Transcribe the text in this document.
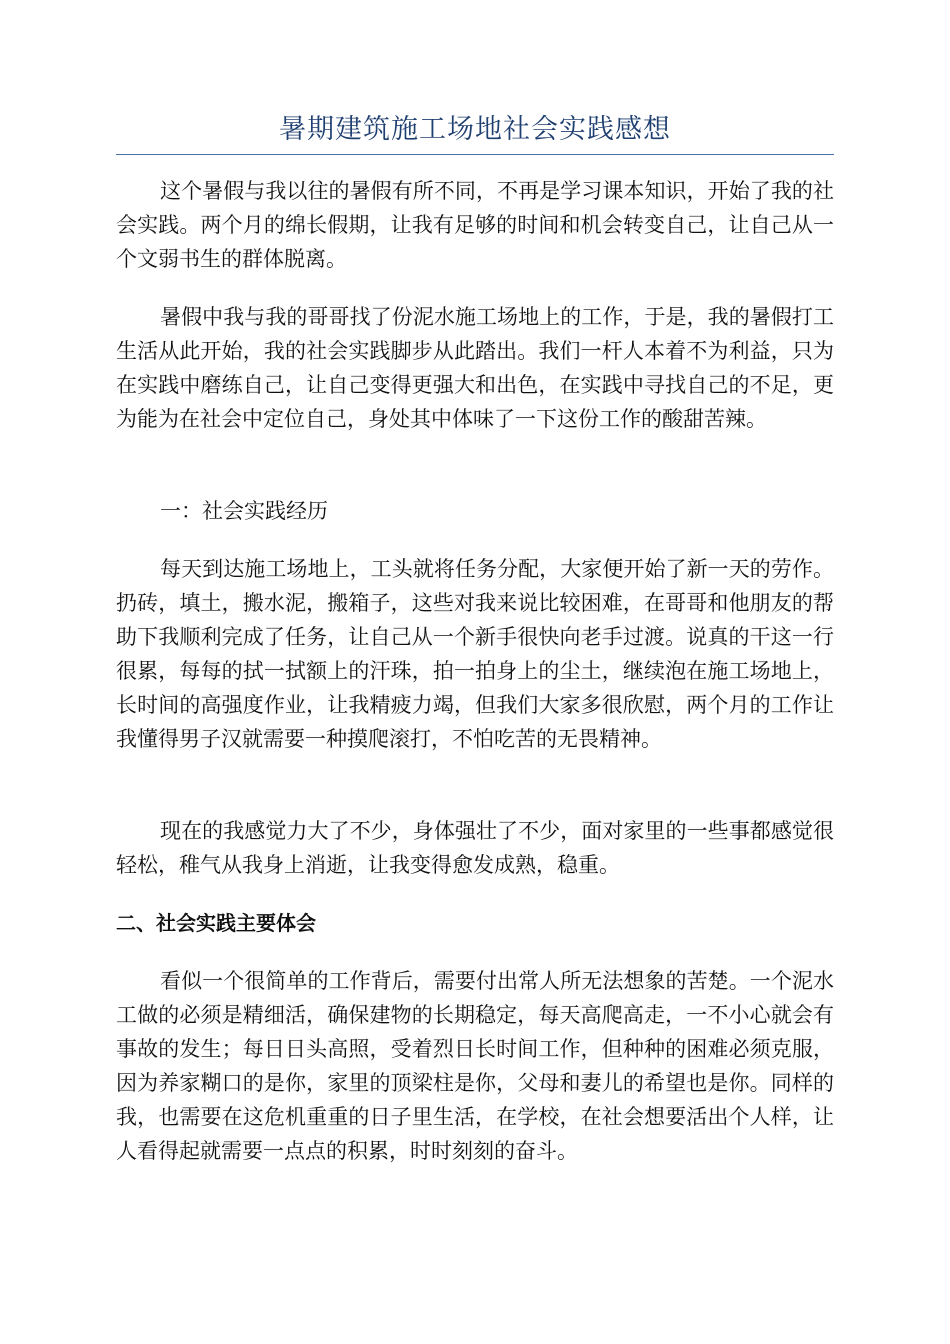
暑期建筑施工场地社会实践感想

这个暑假与我以往的暑假有所不同，不再是学习课本知识，开始了我的社会实践。两个月的绵长假期，让我有足够的时间和机会转变自己，让自己从一个文弱书生的群体脱离。

暑假中我与我的哥哥找了份泥水施工场地上的工作，于是，我的暑假打工生活从此开始，我的社会实践脚步从此踏出。我们一杆人本着不为利益，只为在实践中磨练自己，让自己变得更强大和出色，在实践中寻找自己的不足，更为能为在社会中定位自己，身处其中体味了一下这份工作的酸甜苦辣。

一：社会实践经历

每天到达施工场地上，工头就将任务分配，大家便开始了新一天的劳作。扔砖，填土，搬水泥，搬箱子，这些对我来说比较困难，在哥哥和他朋友的帮助下我顺利完成了任务，让自己从一个新手很快向老手过渡。说真的干这一行很累，每每的拭一拭额上的汗珠，拍一拍身上的尘土，继续泡在施工场地上，长时间的高强度作业，让我精疲力竭，但我们大家多很欣慰，两个月的工作让我懂得男子汉就需要一种摸爬滚打，不怕吃苦的无畏精神。

现在的我感觉力大了不少，身体强壮了不少，面对家里的一些事都感觉很轻松，稚气从我身上消逝，让我变得愈发成熟，稳重。

二、社会实践主要体会

看似一个很简单的工作背后，需要付出常人所无法想象的苦楚。一个泥水工做的必须是精细活，确保建物的长期稳定，每天高爬高走，一不小心就会有事故的发生；每日日头高照，受着烈日长时间工作，但种种的困难必须克服，因为养家糊口的是你，家里的顶梁柱是你，父母和妻儿的希望也是你。同样的我，也需要在这危机重重的日子里生活，在学校，在社会想要活出个人样，让人看得起就需要一点点的积累，时时刻刻的奋斗。
